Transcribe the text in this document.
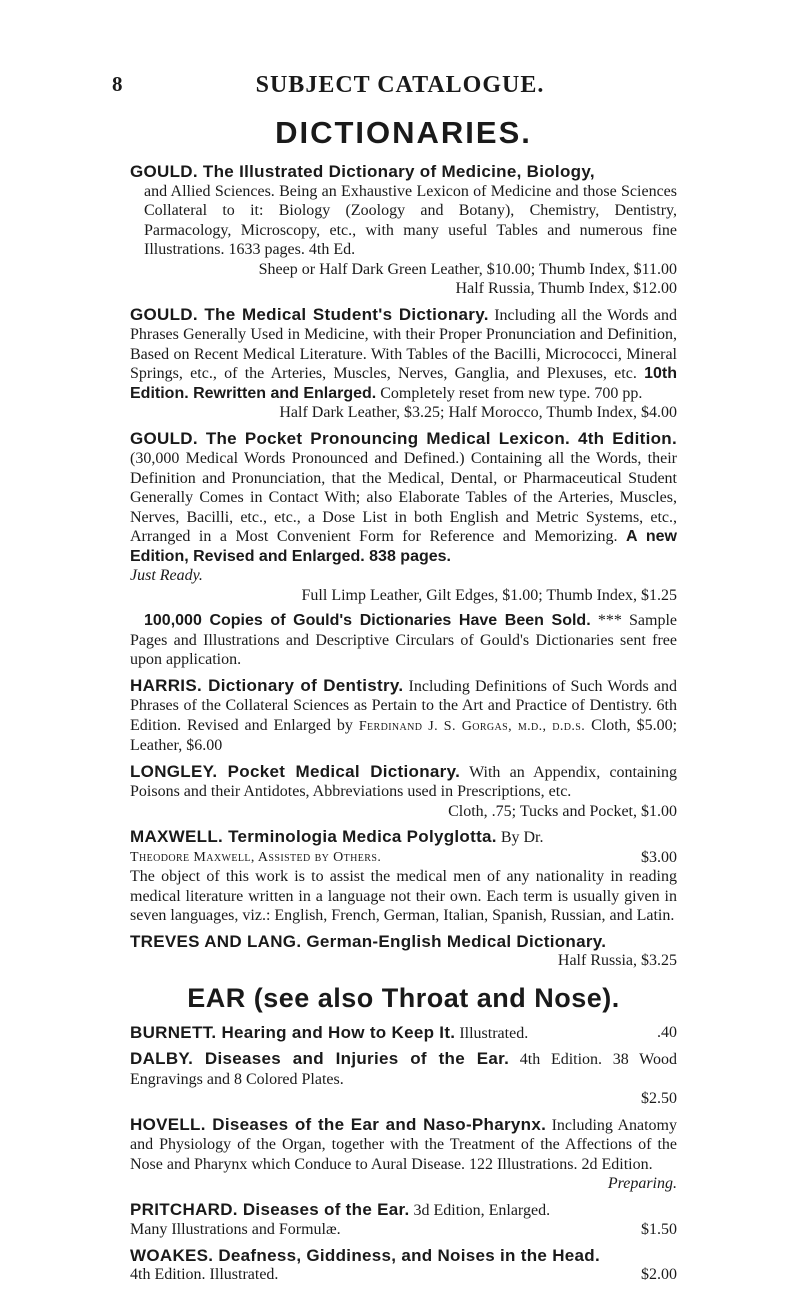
8	SUBJECT CATALOGUE.
DICTIONARIES.
GOULD. The Illustrated Dictionary of Medicine, Biology,
and Allied Sciences. Being an Exhaustive Lexicon of Medicine and those Sciences Collateral to it: Biology (Zoology and Botany), Chemistry, Dentistry, Parmacology, Microscopy, etc., with many useful Tables and numerous fine Illustrations. 1633 pages. 4th Ed.
Sheep or Half Dark Green Leather, $10.00; Thumb Index, $11.00
Half Russia, Thumb Index, $12.00
GOULD. The Medical Student's Dictionary. Including all the Words and Phrases Generally Used in Medicine, with their Proper Pronunciation and Definition, Based on Recent Medical Literature. With Tables of the Bacilli, Micrococci, Mineral Springs, etc., of the Arteries, Muscles, Nerves, Ganglia, and Plexuses, etc. 10th Edition. Rewritten and Enlarged. Completely reset from new type. 700 pp.
Half Dark Leather, $3.25; Half Morocco, Thumb Index, $4.00
GOULD. The Pocket Pronouncing Medical Lexicon. 4th Edition. (30,000 Medical Words Pronounced and Defined.) Containing all the Words, their Definition and Pronunciation, that the Medical, Dental, or Pharmaceutical Student Generally Comes in Contact With; also Elaborate Tables of the Arteries, Muscles, Nerves, Bacilli, etc., etc., a Dose List in both English and Metric Systems, etc., Arranged in a Most Convenient Form for Reference and Memorizing. A new Edition, Revised and Enlarged. 838 pages.
Just Ready.
Full Limp Leather, Gilt Edges, $1.00; Thumb Index, $1.25
100,000 Copies of Gould's Dictionaries Have Been Sold. *** Sample Pages and Illustrations and Descriptive Circulars of Gould's Dictionaries sent free upon application.
HARRIS. Dictionary of Dentistry. Including Definitions of Such Words and Phrases of the Collateral Sciences as Pertain to the Art and Practice of Dentistry. 6th Edition. Revised and Enlarged by Ferdinand J. S. Gorgas, m.d., d.d.s. Cloth, $5.00; Leather, $6.00
LONGLEY. Pocket Medical Dictionary. With an Appendix, containing Poisons and their Antidotes, Abbreviations used in Prescriptions, etc.
Cloth, .75; Tucks and Pocket, $1.00
MAXWELL. Terminologia Medica Polyglotta. By Dr.
Theodore Maxwell, Assisted by Others.	$3.00
The object of this work is to assist the medical men of any nationality in reading medical literature written in a language not their own. Each term is usually given in seven languages, viz.: English, French, German, Italian, Spanish, Russian, and Latin.
TREVES AND LANG. German-English Medical Dictionary.
Half Russia, $3.25
EAR (see also Throat and Nose).
BURNETT. Hearing and How to Keep It. Illustrated.	.40
DALBY. Diseases and Injuries of the Ear. 4th Edition. 38 Wood Engravings and 8 Colored Plates.
$2.50
HOVELL. Diseases of the Ear and Naso-Pharynx. Including Anatomy and Physiology of the Organ, together with the Treatment of the Affections of the Nose and Pharynx which Conduce to Aural Disease. 122 Illustrations. 2d Edition.
Preparing.
PRITCHARD. Diseases of the Ear. 3d Edition, Enlarged.
Many Illustrations and Formulæ.	$1.50
WOAKES. Deafness, Giddiness, and Noises in the Head.
4th Edition. Illustrated.	$2.00
